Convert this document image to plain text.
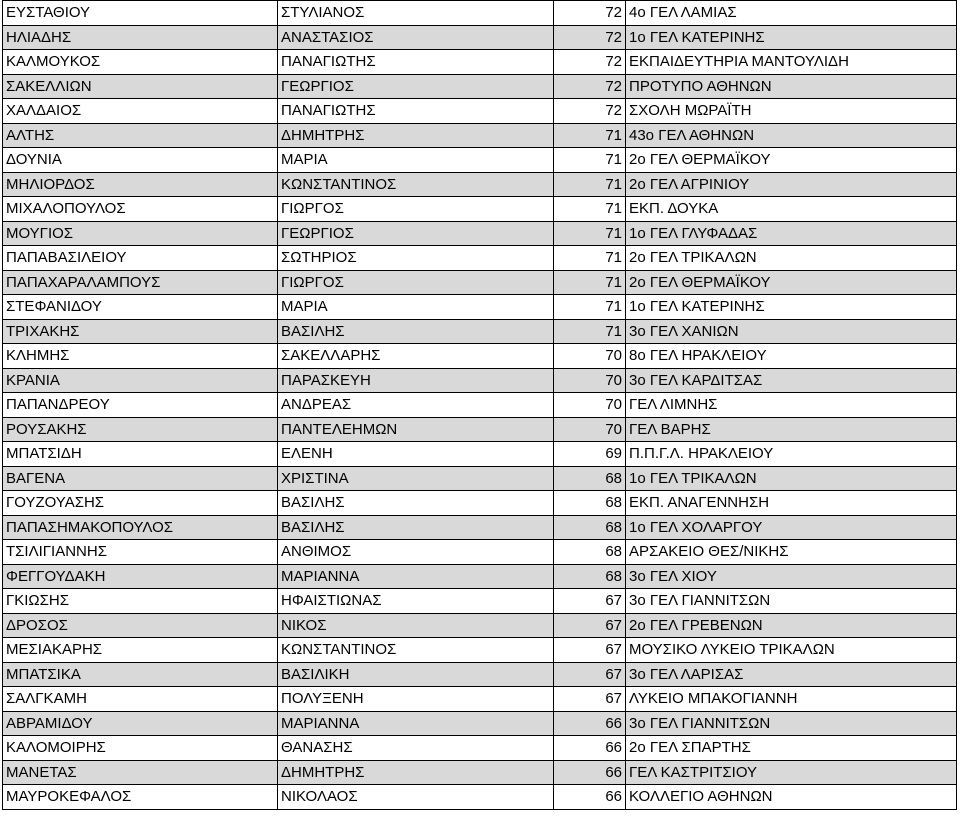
ΕΥΣΤΑΘΙΟΥ	ΣΤΥΛΙΑΝΟΣ	72	4ο ΓΕΛ ΛΑΜΙΑΣ
ΗΛΙΑΔΗΣ	ΑΝΑΣΤΑΣΙΟΣ	72	1ο ΓΕΛ ΚΑΤΕΡΙΝΗΣ
ΚΑΛΜΟΥΚΟΣ	ΠΑΝΑΓΙΩΤΗΣ	72	ΕΚΠΑΙΔΕΥΤΗΡΙΑ ΜΑΝΤΟΥΛΙΔΗ
ΣΑΚΕΛΛΙΩΝ	ΓΕΩΡΓΙΟΣ	72	ΠΡΟΤΥΠΟ ΑΘΗΝΩΝ
ΧΑΛΔΑΙΟΣ	ΠΑΝΑΓΙΩΤΗΣ	72	ΣΧΟΛΗ ΜΩΡΑΪΤΗ
ΑΛΤΗΣ	ΔΗΜΗΤΡΗΣ	71	43ο ΓΕΛ ΑΘΗΝΩΝ
ΔΟΥΝΙΑ	ΜΑΡΙΑ	71	2ο ΓΕΛ ΘΕΡΜΑΪΚΟΥ
ΜΗΛΙΟΡΔΟΣ	ΚΩΝΣΤΑΝΤΙΝΟΣ	71	2ο ΓΕΛ ΑΓΡΙΝΙΟΥ
ΜΙΧΑΛΟΠΟΥΛΟΣ	ΓΙΩΡΓΟΣ	71	ΕΚΠ. ΔΟΥΚΑ
ΜΟΥΓΙΟΣ	ΓΕΩΡΓΙΟΣ	71	1ο ΓΕΛ ΓΛΥΦΑΔΑΣ
ΠΑΠΑΒΑΣΙΛΕΙΟΥ	ΣΩΤΗΡΙΟΣ	71	2ο ΓΕΛ ΤΡΙΚΑΛΩΝ
ΠΑΠΑΧΑΡΑΛΑΜΠΟΥΣ	ΓΙΩΡΓΟΣ	71	2ο ΓΕΛ ΘΕΡΜΑΪΚΟΥ
ΣΤΕΦΑΝΙΔΟΥ	ΜΑΡΙΑ	71	1ο ΓΕΛ ΚΑΤΕΡΙΝΗΣ
ΤΡΙΧΑΚΗΣ	ΒΑΣΙΛΗΣ	71	3ο ΓΕΛ ΧΑΝΙΩΝ
ΚΛΗΜΗΣ	ΣΑΚΕΛΛΑΡΗΣ	70	8ο ΓΕΛ ΗΡΑΚΛΕΙΟΥ
ΚΡΑΝΙΑ	ΠΑΡΑΣΚΕΥΗ	70	3ο ΓΕΛ ΚΑΡΔΙΤΣΑΣ
ΠΑΠΑΝΔΡΕΟΥ	ΑΝΔΡΕΑΣ	70	ΓΕΛ ΛΙΜΝΗΣ
ΡΟΥΣΑΚΗΣ	ΠΑΝΤΕΛΕΗΜΩΝ	70	ΓΕΛ ΒΑΡΗΣ
ΜΠΑΤΣΙΔΗ	ΕΛΕΝΗ	69	Π.Π.Γ.Λ. ΗΡΑΚΛΕΙΟΥ
ΒΑΓΕΝΑ	ΧΡΙΣΤΙΝΑ	68	1ο ΓΕΛ ΤΡΙΚΑΛΩΝ
ΓΟΥΖΟΥΑΣΗΣ	ΒΑΣΙΛΗΣ	68	ΕΚΠ. ΑΝΑΓΕΝΝΗΣΗ
ΠΑΠΑΣΗΜΑΚΟΠΟΥΛΟΣ	ΒΑΣΙΛΗΣ	68	1ο ΓΕΛ ΧΟΛΑΡΓΟΥ
ΤΣΙΛΙΓΙΑΝΝΗΣ	ΑΝΘΙΜΟΣ	68	ΑΡΣΑΚΕΙΟ ΘΕΣ/ΝΙΚΗΣ
ΦΕΓΓΟΥΔΑΚΗ	ΜΑΡΙΑΝΝΑ	68	3ο ΓΕΛ ΧΙΟΥ
ΓΚΙΩΣΗΣ	ΗΦΑΙΣΤΙΩΝΑΣ	67	3ο ΓΕΛ ΓΙΑΝΝΙΤΣΩΝ
ΔΡΟΣΟΣ	ΝΙΚΟΣ	67	2ο ΓΕΛ ΓΡΕΒΕΝΩΝ
ΜΕΣΙΑΚΑΡΗΣ	ΚΩΝΣΤΑΝΤΙΝΟΣ	67	ΜΟΥΣΙΚΟ ΛΥΚΕΙΟ ΤΡΙΚΑΛΩΝ
ΜΠΑΤΣΙΚΑ	ΒΑΣΙΛΙΚΗ	67	3ο ΓΕΛ ΛΑΡΙΣΑΣ
ΣΑΛΓΚΑΜΗ	ΠΟΛΥΞΕΝΗ	67	ΛΥΚΕΙΟ ΜΠΑΚΟΓΙΑΝΝΗ
ΑΒΡΑΜΙΔΟΥ	ΜΑΡΙΑΝΝΑ	66	3ο ΓΕΛ ΓΙΑΝΝΙΤΣΩΝ
ΚΑΛΟΜΟΙΡΗΣ	ΘΑΝΑΣΗΣ	66	2ο ΓΕΛ ΣΠΑΡΤΗΣ
ΜΑΝΕΤΑΣ	ΔΗΜΗΤΡΗΣ	66	ΓΕΛ ΚΑΣΤΡΙΤΣΙΟΥ
ΜΑΥΡΟΚΕΦΑΛΟΣ	ΝΙΚΟΛΑΟΣ	66	ΚΟΛΛΕΓΙΟ ΑΘΗΝΩΝ
